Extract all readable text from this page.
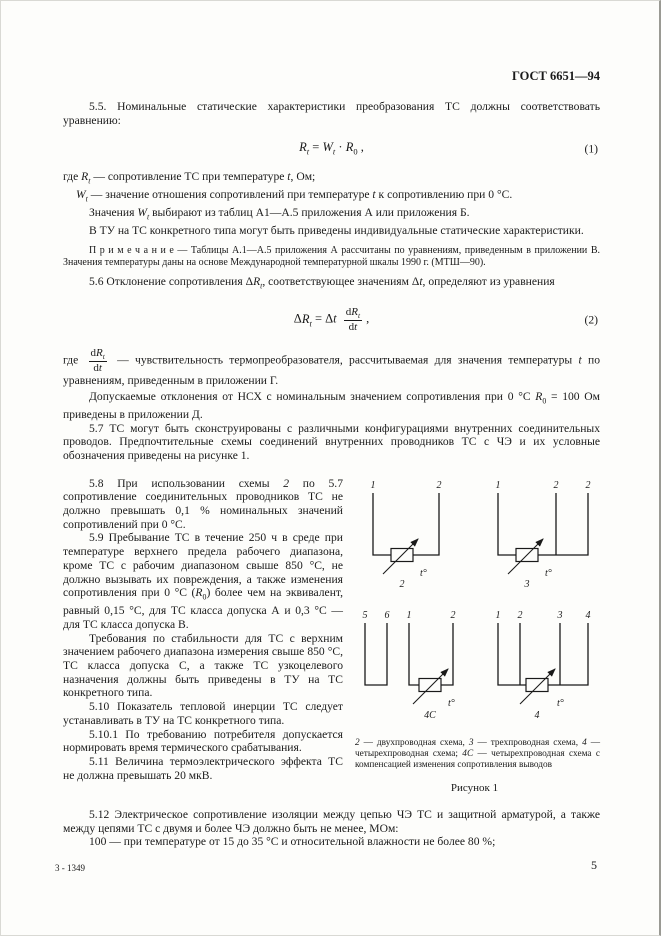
ГОСТ 6651—94

5.5. Номинальные статические характеристики преобразования ТС должны соответствовать уравнению:

$R_t = W_t \cdot R_0$ ,	(1)

где $R_t$ — сопротивление ТС при температуре t, Ом;

$W_t$ — значение отношения сопротивлений при температуре t к сопротивлению при 0 °С.

Значения $W_t$ выбирают из таблиц А1—А.5 приложения А или приложения Б.

В ТУ на ТС конкретного типа могут быть приведены индивидуальные статические характеристики.

П р и м е ч а н и е — Таблицы А.1—А.5 приложения А рассчитаны по уравнениям, приведенным в приложении В. Значения температуры даны на основе Международной температурной шкалы 1990 г. (МТШ—90).

5.6 Отклонение сопротивления $\Delta R_t$, соответствующее значениям Δt, определяют из уравнения

$\Delta R_t = \Delta t \frac{dR_t}{dt}$ ,	(2)

где $\frac{dR_t}{dt}$ — чувствительность термопреобразователя, рассчитываемая для значения температуры t по уравнениям, приведенным в приложении Г.

Допускаемые отклонения от НСХ с номинальным значением сопротивления при 0 °С $R_0 = 100$ Ом приведены в приложении Д.

5.7 ТС могут быть сконструированы с различными конфигурациями внутренних соединительных проводов. Предпочтительные схемы соединений внутренних проводников ТС с ЧЭ и их условные обозначения приведены на рисунке 1.

5.8 При использовании схемы 2 по 5.7 сопротивление соединительных проводников ТС не должно превышать 0,1 % номинальных значений сопротивлений при 0 °С.

5.9 Пребывание ТС в течение 250 ч в среде при температуре верхнего предела рабочего диапазона, кроме ТС с рабочим диапазоном свыше 850 °С, не должно вызывать их повреждения, а также изменения сопротивления при 0 °С $(R_0)$ более чем на эквивалент, равный 0,15 °С, для ТС класса допуска А и 0,3 °С — для ТС класса допуска В.

Требования по стабильности для ТС с верхним значением рабочего диапазона измерения свыше 850 °С, ТС класса допуска С, а также ТС узкоцелевого назначения должны быть приведены в ТУ на ТС конкретного типа.

5.10 Показатель тепловой инерции ТС следует устанавливать в ТУ на ТС конкретного типа.

5.10.1 По требованию потребителя допускается нормировать время термического срабатывания.

5.11 Величина термоэлектрического эффекта ТС не должна превышать 20 мкВ.

1	2
t°
2
1	2	2
t°
3
5 6 1	2
t°
4С
1 2	3 4
t°
4

2 — двухпроводная схема, 3 — трехпроводная схема, 4 — четырехпроводная схема; 4С — четырехпроводная схема с компенсацией изменения сопротивления выводов

Рисунок 1

5.12 Электрическое сопротивление изоляции между цепью ЧЭ ТС и защитной арматурой, а также между цепями ТС с двумя и более ЧЭ должно быть не менее, МОм:

100 — при температуре от 15 до 35 °С и относительной влажности не более 80 %;

3 - 1349	5
